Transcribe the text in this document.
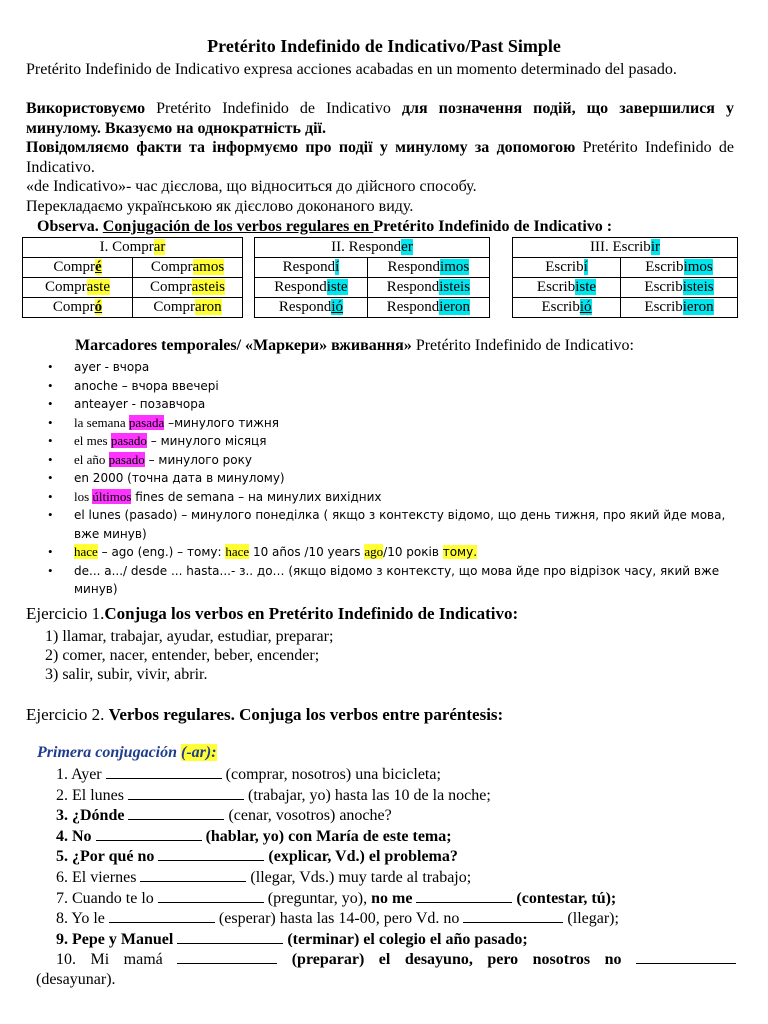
Pretérito Indefinido de Indicativo/Past Simple

Pretérito Indefinido de Indicativo expresa acciones acabadas en un momento determinado del pasado.

Використовуємо Pretérito Indefinido de Indicativo для позначення подій, що завершилися у минулому. Вказуємо на однократність дії.

Повідомляємо факти та інформуємо про події у минулому за допомогою Pretérito Indefinido de Indicativo.

«de Indicativo»- час дієслова, що відноситься до дійсного способу.

Перекладаємо українською як дієслово доконаного виду.

Observa. Conjugación de los verbos regulares en Pretérito Indefinido de Indicativo :

I. Comprar	
Compré	Compramos
Compraste	Comprasteis
Compró	Compraron
II. Responder	
Respondí	Respondimos
Respondiste	Respondisteis
Respondió	Respondieron
III. Escribir	
Escribí	Escribimos
Escribiste	Escribisteis
Escribió	Escribieron
Marcadores temporales/ «Маркери» вживання» Pretérito Indefinido de Indicativo:
• ayer - вчора
• anoche – вчора ввечері
• anteayer - позавчора
• la semana pasada –минулого тижня
• el mes pasado – минулого місяця
• el año pasado – минулого року
• en 2000 (точна дата в минулому)
• los últimos fines de semana – на минулих вихідних
• el lunes (pasado) – минулого понеділка ( якщо з контексту відомо, що день тижня, про який йде мова, вже минув)
• hace – ago (eng.) – тому: hace 10 años /10 years ago/10 років тому.
• de... a.../ desde ... hasta...- з.. до… (якщо відомо з контексту, що мова йде про відрізок часу, який вже минув)
Ejercicio 1.Conjuga los verbos en Pretérito Indefinido de Indicativo:
1) llamar, trabajar, ayudar, estudiar, preparar;
2) comer, nacer, entender, beber, encender;
3) salir, subir, vivir, abrir.
Ejercicio 2. Verbos regulares. Conjuga los verbos entre paréntesis:
Primera conjugación (-ar):
1. Ayer	(comprar, nosotros) una bicicleta;
2. El lunes	(trabajar, yo) hasta las 10 de la noche;
3. ¿Dónde	(cenar, vosotros) anoche?
4. No	(hablar, yo) con María de este tema;
5. ¿Por qué no	(explicar, Vd.) el problema?
6. El viernes	(llegar, Vds.) muy tarde al trabajo;
7. Cuando te lo	(preguntar, yo), no me	(contestar, tú);
8. Yo le	(esperar) hasta las 14-00, pero Vd. no	(llegar);
9. Pepe y Manuel	(terminar) el colegio el año pasado;
10. Mi mamá	(preparar) el desayuno, pero nosotros no
(desayunar).
